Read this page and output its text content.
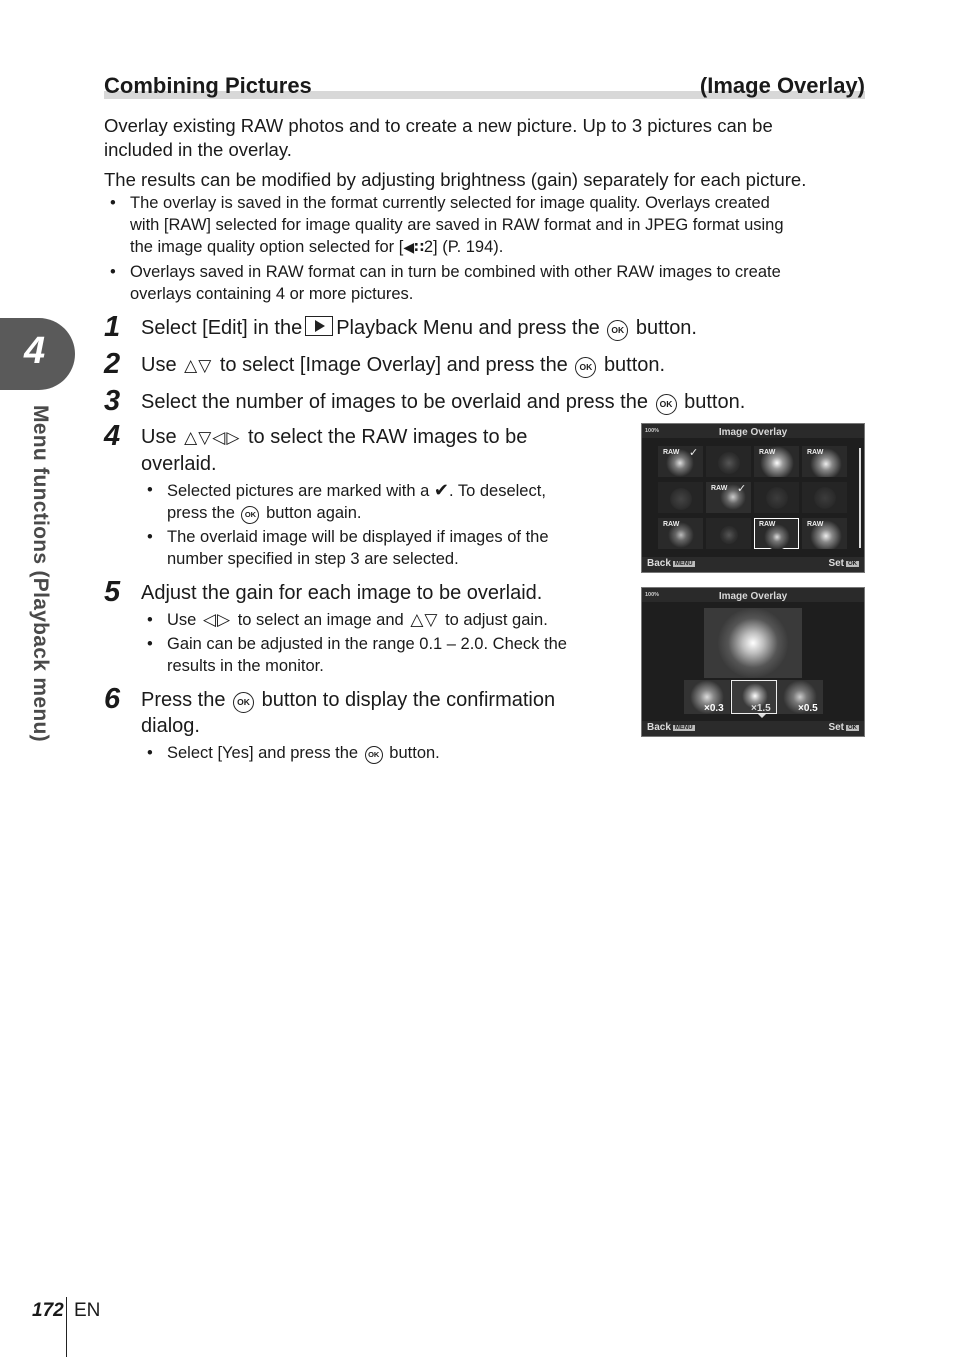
4
Menu functions (Playback menu)
Combining Pictures	(Image Overlay)
Overlay existing RAW photos and to create a new picture. Up to 3 pictures can be
included in the overlay.
The results can be modified by adjusting brightness (gain) separately for each picture.
• The overlay is saved in the format currently selected for image quality. Overlays created
with [RAW] selected for image quality are saved in RAW format and in JPEG format using
the image quality option selected for [◀∷2] (P. 194).
• Overlays saved in RAW format can in turn be combined with other RAW images to create
overlays containing 4 or more pictures.
1 Select [Edit] in the Playback Menu and press the OK button.
2 Use △▽ to select [Image Overlay] and press the OK button.
3 Select the number of images to be overlaid and press the OK button.
4 Use △▽◁▷ to select the RAW images to be
overlaid.
• Selected pictures are marked with a ✔. To deselect,
press the OK button again.
• The overlaid image will be displayed if images of the
number specified in step 3 are selected.
5 Adjust the gain for each image to be overlaid.
• Use ◁▷ to select an image and △▽ to adjust gain.
• Gain can be adjusted in the range 0.1 – 2.0. Check the
results in the monitor.
6 Press the OK button to display the confirmation
dialog.
• Select [Yes] and press the OK button.
100%	Image Overlay
RAW ✓	RAW	RAW
RAW ✓
RAW	RAW	RAW
Back MENU	Set OK
100%	Image Overlay
×0.3	×1.5	×0.5
Back MENU	Set OK
172 EN
